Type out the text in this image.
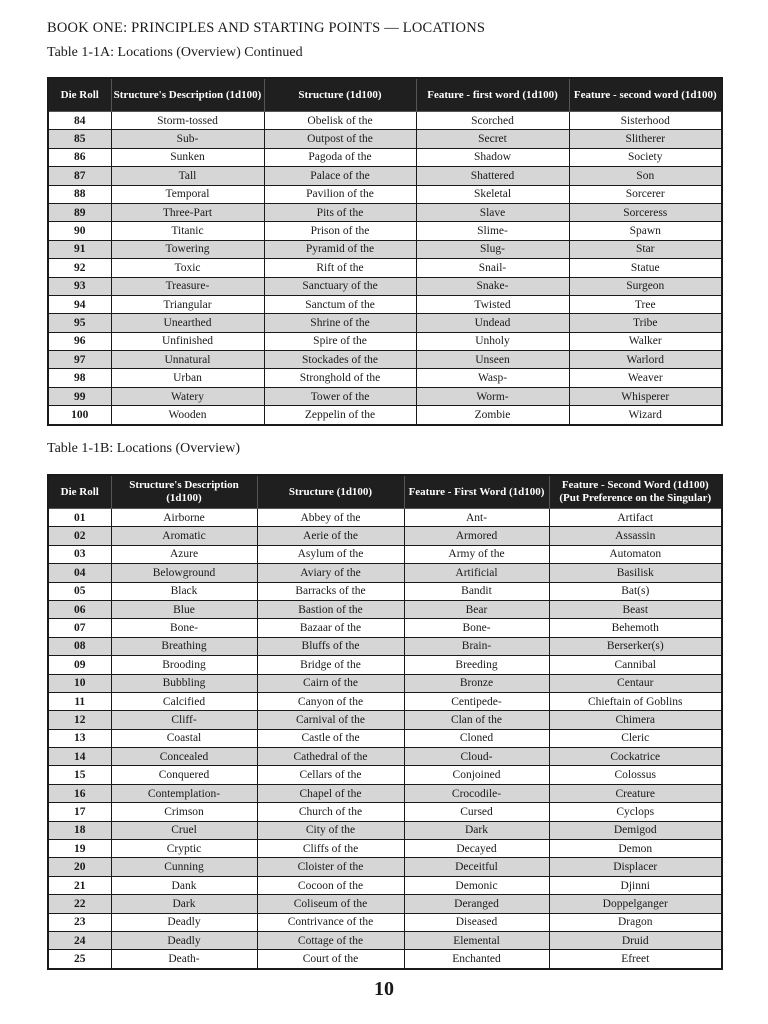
BOOK ONE: PRINCIPLES AND STARTING POINTS — LOCATIONS
Table 1-1A: Locations (Overview) Continued
Die Roll	Structure's Description (1d100)	Structure (1d100)	Feature - first word (1d100)	Feature - second word (1d100)
84	Storm-tossed	Obelisk of the	Scorched	Sisterhood
85	Sub-	Outpost of the	Secret	Slitherer
86	Sunken	Pagoda of the	Shadow	Society
87	Tall	Palace of the	Shattered	Son
88	Temporal	Pavilion of the	Skeletal	Sorcerer
89	Three-Part	Pits of the	Slave	Sorceress
90	Titanic	Prison of the	Slime-	Spawn
91	Towering	Pyramid of the	Slug-	Star
92	Toxic	Rift of the	Snail-	Statue
93	Treasure-	Sanctuary of the	Snake-	Surgeon
94	Triangular	Sanctum of the	Twisted	Tree
95	Unearthed	Shrine of the	Undead	Tribe
96	Unfinished	Spire of the	Unholy	Walker
97	Unnatural	Stockades of the	Unseen	Warlord
98	Urban	Stronghold of the	Wasp-	Weaver
99	Watery	Tower of the	Worm-	Whisperer
100	Wooden	Zeppelin of the	Zombie	Wizard
Table 1-1B: Locations (Overview)
Die Roll	Structure's Description (1d100)	Structure (1d100)	Feature - First Word (1d100)	Feature - Second Word (1d100) (Put Preference on the Singular)
01	Airborne	Abbey of the	Ant-	Artifact
02	Aromatic	Aerie of the	Armored	Assassin
03	Azure	Asylum of the	Army of the	Automaton
04	Belowground	Aviary of the	Artificial	Basilisk
05	Black	Barracks of the	Bandit	Bat(s)
06	Blue	Bastion of the	Bear	Beast
07	Bone-	Bazaar of the	Bone-	Behemoth
08	Breathing	Bluffs of the	Brain-	Berserker(s)
09	Brooding	Bridge of the	Breeding	Cannibal
10	Bubbling	Cairn of the	Bronze	Centaur
11	Calcified	Canyon of the	Centipede-	Chieftain of Goblins
12	Cliff-	Carnival of the	Clan of the	Chimera
13	Coastal	Castle of the	Cloned	Cleric
14	Concealed	Cathedral of the	Cloud-	Cockatrice
15	Conquered	Cellars of the	Conjoined	Colossus
16	Contemplation-	Chapel of the	Crocodile-	Creature
17	Crimson	Church of the	Cursed	Cyclops
18	Cruel	City of the	Dark	Demigod
19	Cryptic	Cliffs of the	Decayed	Demon
20	Cunning	Cloister of the	Deceitful	Displacer
21	Dank	Cocoon of the	Demonic	Djinni
22	Dark	Coliseum of the	Deranged	Doppelganger
23	Deadly	Contrivance of the	Diseased	Dragon
24	Deadly	Cottage of the	Elemental	Druid
25	Death-	Court of the	Enchanted	Efreet
10
